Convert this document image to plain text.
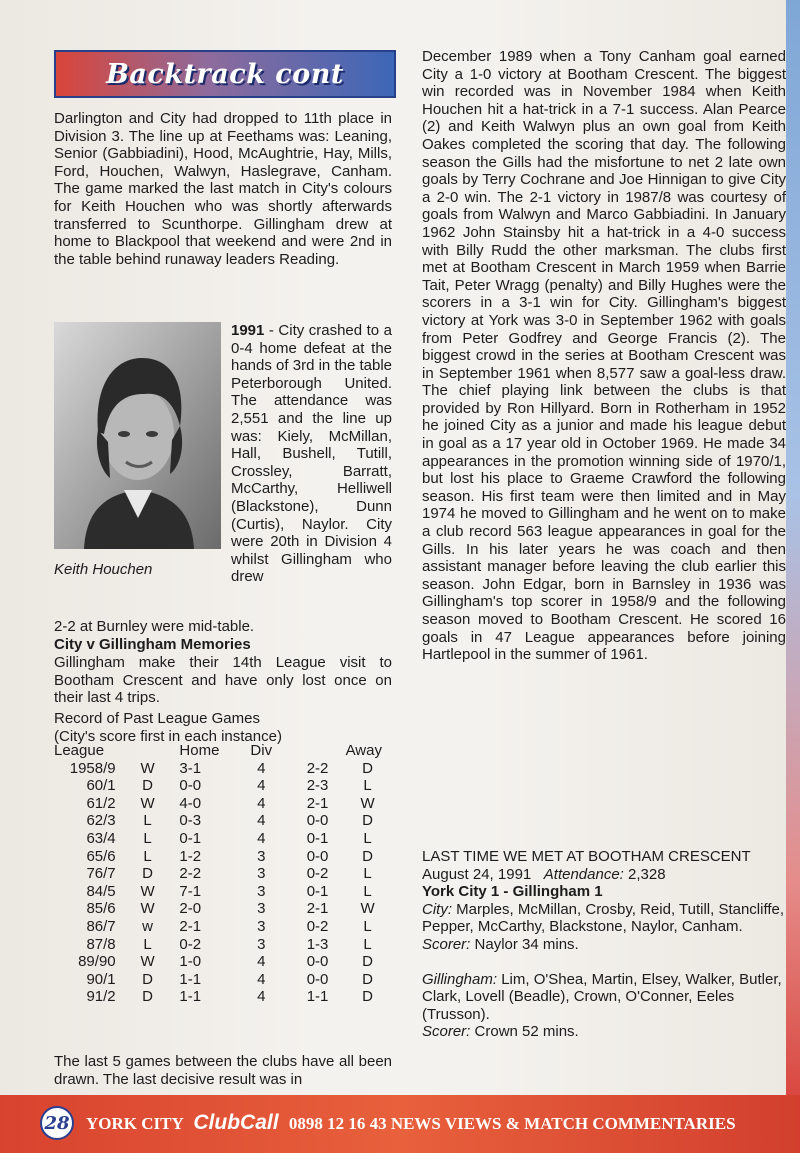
Backtrack cont

Darlington and City had dropped to 11th place in Division 3. The line up at Feethams was: Leaning, Senior (Gabbiadini), Hood, McAughtrie, Hay, Mills, Ford, Houchen, Walwyn, Haslegrave, Canham. The game marked the last match in City's colours for Keith Houchen who was shortly afterwards transferred to Scunthorpe. Gillingham drew at home to Blackpool that weekend and were 2nd in the table behind runaway leaders Reading.

Keith Houchen

1991 - City crashed to a 0-4 home defeat at the hands of 3rd in the table Peterborough United. The attendance was 2,551 and the line up was: Kiely, McMillan, Hall, Bushell, Tutill, Crossley, Barratt, McCarthy, Helliwell (Blackstone), Dunn (Curtis), Naylor. City were 20th in Division 4 whilst Gillingham who drew

2-2 at Burnley were mid-table.

City v Gillingham Memories

Gillingham make their 14th League visit to Bootham Crescent and have only lost once on their last 4 trips.

Record of Past League Games
(City's score first in each instance)
League		Home	Div	Away	
1958/9	W	3-1	4	2-2	D
60/1	D	0-0	4	2-3	L
61/2	W	4-0	4	2-1	W
62/3	L	0-3	4	0-0	D
63/4	L	0-1	4	0-1	L
65/6	L	1-2	3	0-0	D
76/7	D	2-2	3	0-2	L
84/5	W	7-1	3	0-1	L
85/6	W	2-0	3	2-1	W
86/7	w	2-1	3	0-2	L
87/8	L	0-2	3	1-3	L
89/90	W	1-0	4	0-0	D
90/1	D	1-1	4	0-0	D
91/2	D	1-1	4	1-1	D

The last 5 games between the clubs have all been drawn. The last decisive result was in

December 1989 when a Tony Canham goal earned City a 1-0 victory at Bootham Crescent. The biggest win recorded was in November 1984 when Keith Houchen hit a hat-trick in a 7-1 success. Alan Pearce (2) and Keith Walwyn plus an own goal from Keith Oakes completed the scoring that day. The following season the Gills had the misfortune to net 2 late own goals by Terry Cochrane and Joe Hinnigan to give City a 2-0 win. The 2-1 victory in 1987/8 was courtesy of goals from Walwyn and Marco Gabbiadini. In January 1962 John Stainsby hit a hat-trick in a 4-0 success with Billy Rudd the other marksman. The clubs first met at Bootham Crescent in March 1959 when Barrie Tait, Peter Wragg (penalty) and Billy Hughes were the scorers in a 3-1 win for City. Gillingham's biggest victory at York was 3-0 in September 1962 with goals from Peter Godfrey and George Francis (2). The biggest crowd in the series at Bootham Crescent was in September 1961 when 8,577 saw a goal-less draw. The chief playing link between the clubs is that provided by Ron Hillyard. Born in Rotherham in 1952 he joined City as a junior and made his league debut in goal as a 17 year old in October 1969. He made 34 appearances in the promotion winning side of 1970/1, but lost his place to Graeme Crawford the following season. His first team were then limited and in May 1974 he moved to Gillingham and he went on to make a club record 563 league appearances in goal for the Gills. In his later years he was coach and then assistant manager before leaving the club earlier this season. John Edgar, born in Barnsley in 1936 was Gillingham's top scorer in 1958/9 and the following season moved to Bootham Crescent. He scored 16 goals in 47 League appearances before joining Hartlepool in the summer of 1961.

LAST TIME WE MET AT BOOTHAM CRESCENT

August 24, 1991 Attendance: 2,328

York City 1 - Gillingham 1

City: Marples, McMillan, Crosby, Reid, Tutill, Stancliffe, Pepper, McCarthy, Blackstone, Naylor, Canham.

Scorer: Naylor 34 mins.

Gillingham: Lim, O'Shea, Martin, Elsey, Walker, Butler, Clark, Lovell (Beadle), Crown, O'Conner, Eeles (Trusson).

Scorer: Crown 52 mins.

28 YORK CITY ClubCall 0898 12 16 43 NEWS VIEWS & MATCH COMMENTARIES
